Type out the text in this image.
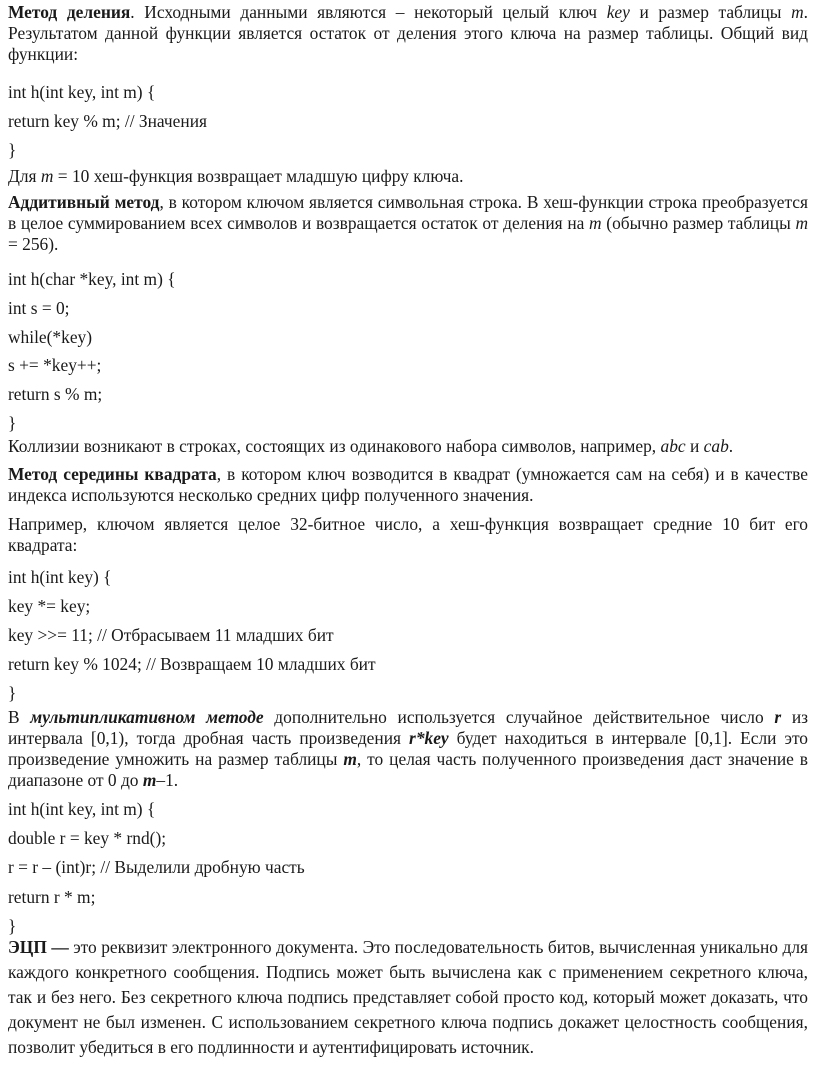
Метод деления. Исходными данными являются – некоторый целый ключ key и размер таблицы m. Результатом данной функции является остаток от деления этого ключа на размер таблицы. Общий вид функции:

int h(int key, int m) {
return key % m; // Значения
}

Для m = 10 хеш-функция возвращает младшую цифру ключа.

Аддитивный метод, в котором ключом является символьная строка. В хеш-функции строка преобразуется в целое суммированием всех символов и возвращается остаток от деления на m (обычно размер таблицы m = 256).

int h(char *key, int m) {
int s = 0;
while(*key)
s += *key++;
return s % m;
}

Коллизии возникают в строках, состоящих из одинакового набора символов, например, abc и cab.

Метод середины квадрата, в котором ключ возводится в квадрат (умножается сам на себя) и в качестве индекса используются несколько средних цифр полученного значения.

Например, ключом является целое 32-битное число, а хеш-функция возвращает средние 10 бит его квадрата:

int h(int key) {
key *= key;
key >>= 11; // Отбрасываем 11 младших бит
return key % 1024; // Возвращаем 10 младших бит
}

В мультипликативном методе дополнительно используется случайное действительное число r из интервала [0,1), тогда дробная часть произведения r*key будет находиться в интервале [0,1]. Если это произведение умножить на размер таблицы m, то целая часть полученного произведения даст значение в диапазоне от 0 до m–1.

int h(int key, int m) {
double r = key * rnd();
r = r – (int)r; // Выделили дробную часть
return r * m;
}

ЭЦП — это реквизит электронного документа. Это последовательность битов, вычисленная уникально для каждого конкретного сообщения. Подпись может быть вычислена как с применением секретного ключа, так и без него. Без секретного ключа подпись представляет собой просто код, который может доказать, что документ не был изменен. С использованием секретного ключа подпись докажет целостность сообщения, позволит убедиться в его подлинности и аутентифицировать источник.
